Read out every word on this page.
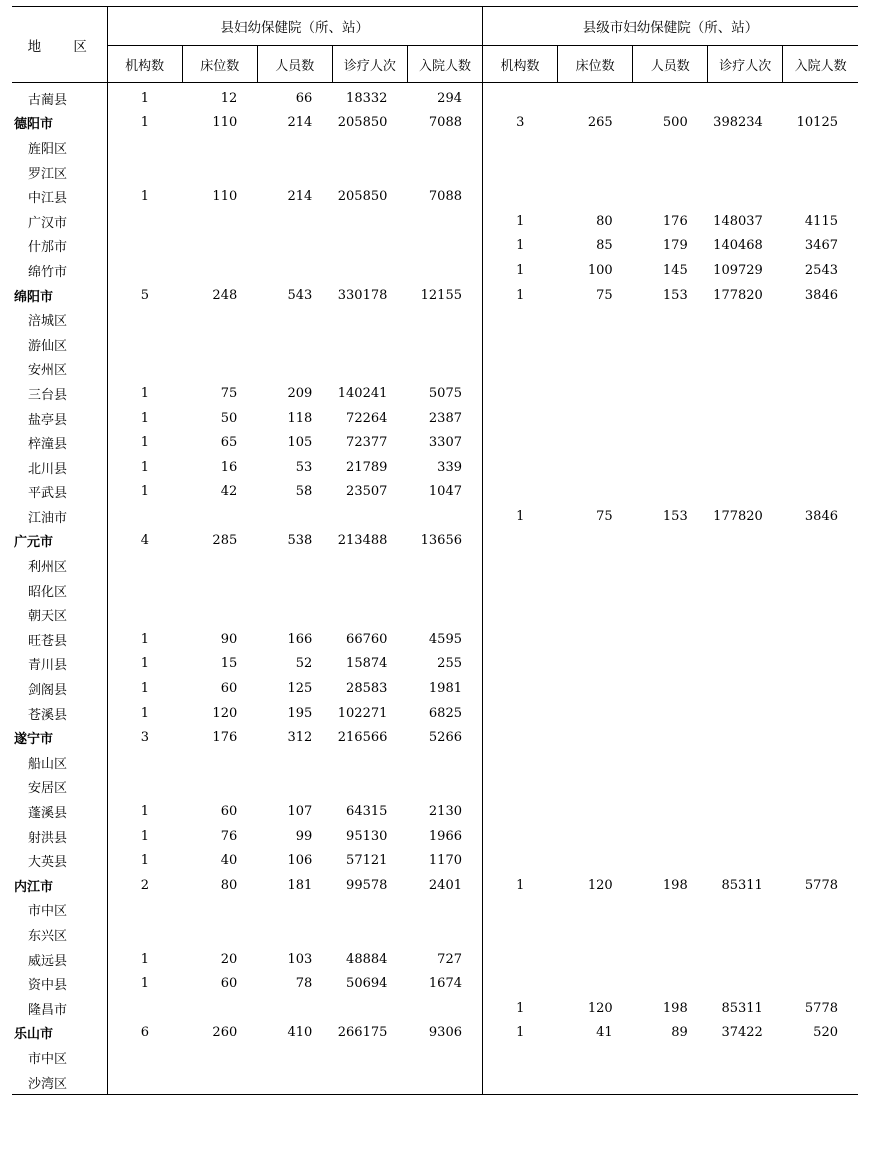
地 区	县妇幼保健院（所、站）					县级市妇幼保健院（所、站）				
	机构数	床位数	人员数	诊疗人次	入院人数	机构数	床位数	人员数	诊疗人次	入院人数
古蔺县	1	12	66	18332	294					
德阳市	1	110	214	205850	7088	3	265	500	398234	10125
旌阳区										
罗江区										
中江县	1	110	214	205850	7088					
广汉市						1	80	176	148037	4115
什邡市						1	85	179	140468	3467
绵竹市						1	100	145	109729	2543
绵阳市	5	248	543	330178	12155	1	75	153	177820	3846
涪城区										
游仙区										
安州区										
三台县	1	75	209	140241	5075					
盐亭县	1	50	118	72264	2387					
梓潼县	1	65	105	72377	3307					
北川县	1	16	53	21789	339					
平武县	1	42	58	23507	1047					
江油市						1	75	153	177820	3846
广元市	4	285	538	213488	13656					
利州区										
昭化区										
朝天区										
旺苍县	1	90	166	66760	4595					
青川县	1	15	52	15874	255					
剑阁县	1	60	125	28583	1981					
苍溪县	1	120	195	102271	6825					
遂宁市	3	176	312	216566	5266					
船山区										
安居区										
蓬溪县	1	60	107	64315	2130					
射洪县	1	76	99	95130	1966					
大英县	1	40	106	57121	1170					
内江市	2	80	181	99578	2401	1	120	198	85311	5778
市中区										
东兴区										
威远县	1	20	103	48884	727					
资中县	1	60	78	50694	1674					
隆昌市						1	120	198	85311	5778
乐山市	6	260	410	266175	9306	1	41	89	37422	520
市中区										
沙湾区										
